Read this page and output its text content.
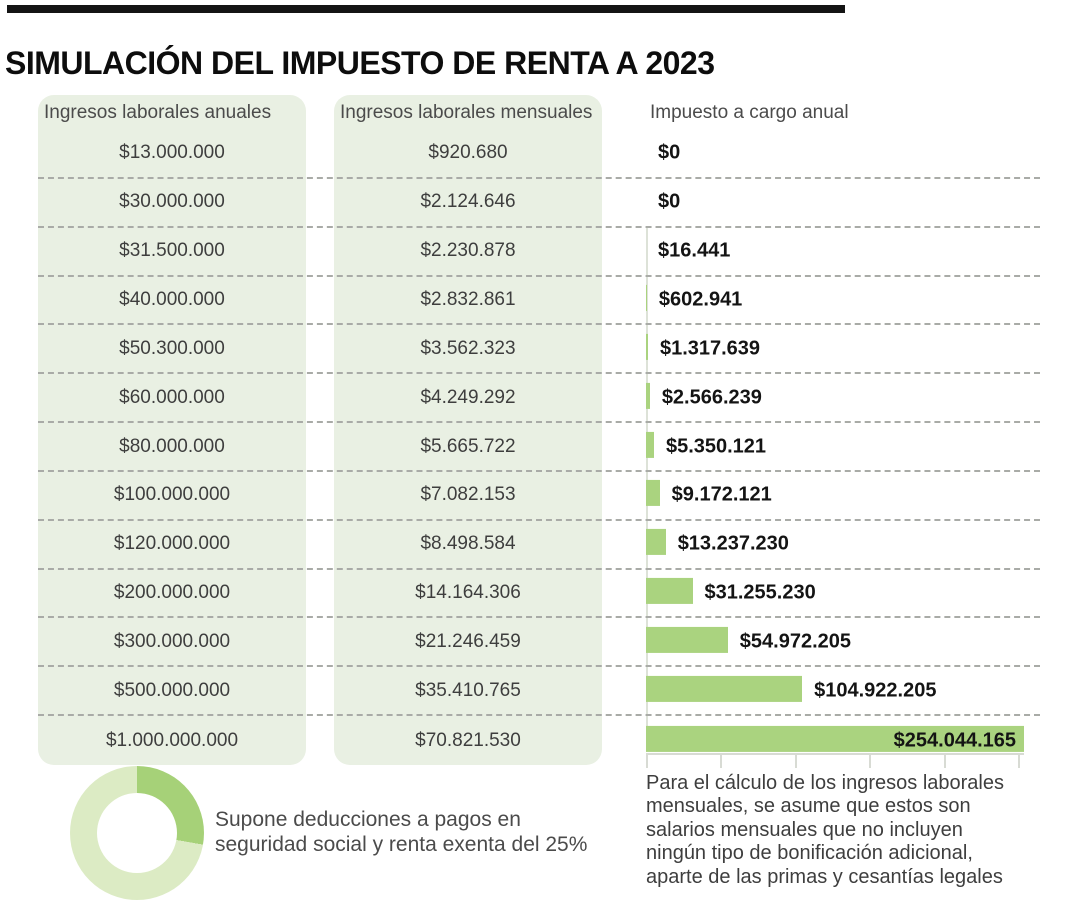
SIMULACIÓN DEL IMPUESTO DE RENTA A 2023
Ingresos laborales anuales	Ingresos laborales mensuales	Impuesto a cargo anual
$13.000.000	$920.680	$0
$30.000.000	$2.124.646	$0
$31.500.000	$2.230.878	$16.441
$40.000.000	$2.832.861	$602.941
$50.300.000	$3.562.323	$1.317.639
$60.000.000	$4.249.292	$2.566.239
$80.000.000	$5.665.722	$5.350.121
$100.000.000	$7.082.153	$9.172.121
$120.000.000	$8.498.584	$13.237.230
$200.000.000	$14.164.306	$31.255.230
$300.000.000	$21.246.459	$54.972.205
$500.000.000	$35.410.765	$104.922.205
$1.000.000.000	$70.821.530	$254.044.165
Supone deducciones a pagos en
seguridad social y renta exenta del 25%
Para el cálculo de los ingresos laborales
mensuales, se asume que estos son
salarios mensuales que no incluyen
ningún tipo de bonificación adicional,
aparte de las primas y cesantías legales
